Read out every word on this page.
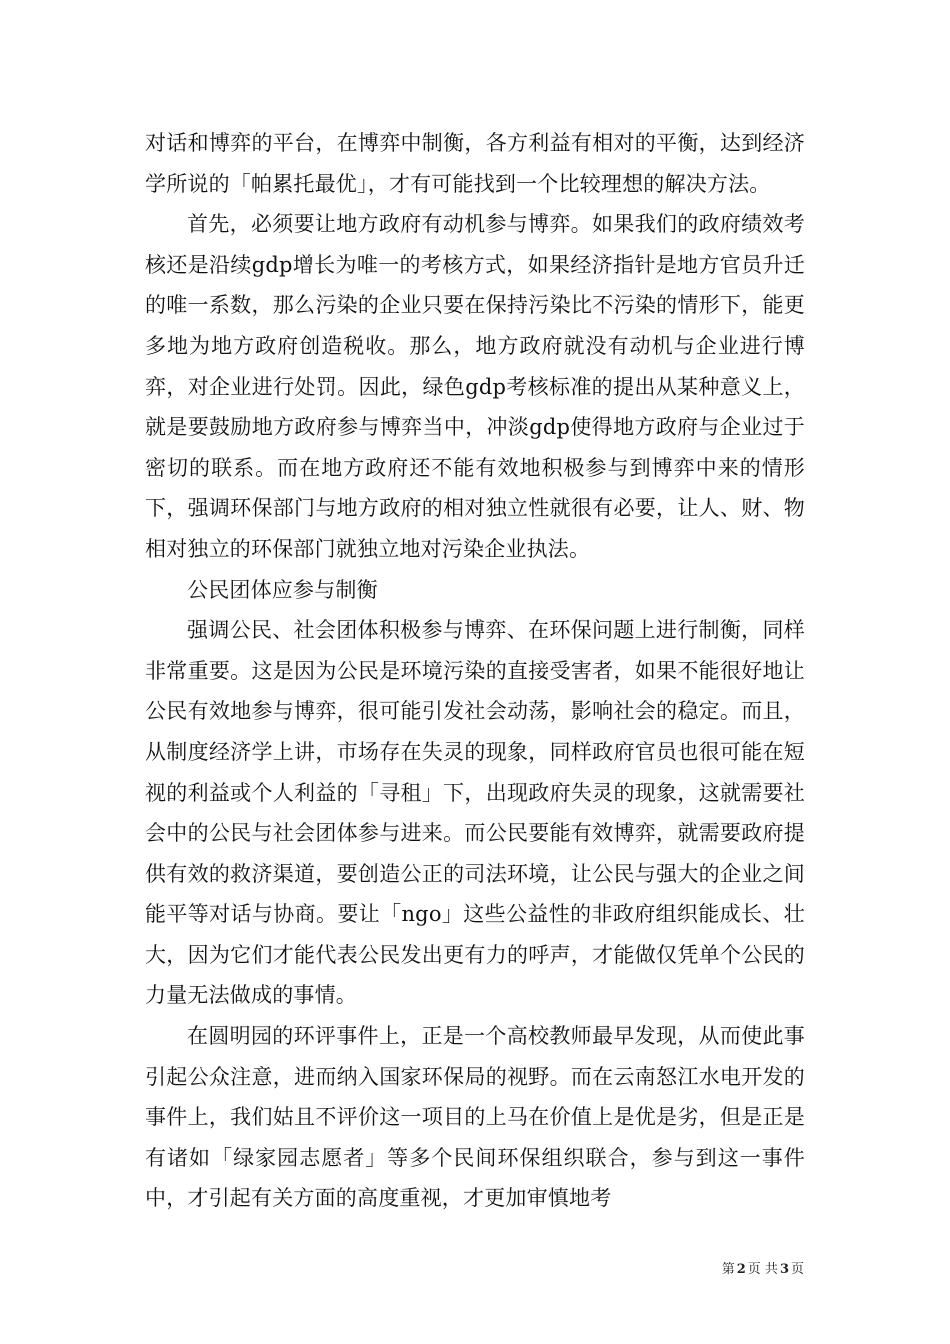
对话和博弈的平台，在博弈中制衡，各方利益有相对的平衡，达到经济学所说的「帕累托最优」，才有可能找到一个比较理想的解决方法。

首先，必须要让地方政府有动机参与博弈。如果我们的政府绩效考核还是沿续gdp增长为唯一的考核方式，如果经济指针是地方官员升迁的唯一系数，那么污染的企业只要在保持污染比不污染的情形下，能更多地为地方政府创造税收。那么，地方政府就没有动机与企业进行博弈，对企业进行处罚。因此，绿色gdp考核标准的提出从某种意义上，就是要鼓励地方政府参与博弈当中，冲淡gdp使得地方政府与企业过于密切的联系。而在地方政府还不能有效地积极参与到博弈中来的情形下，强调环保部门与地方政府的相对独立性就很有必要，让人、财、物相对独立的环保部门就独立地对污染企业执法。

公民团体应参与制衡

强调公民、社会团体积极参与博弈、在环保问题上进行制衡，同样非常重要。这是因为公民是环境污染的直接受害者，如果不能很好地让公民有效地参与博弈，很可能引发社会动荡，影响社会的稳定。而且，从制度经济学上讲，市场存在失灵的现象，同样政府官员也很可能在短视的利益或个人利益的「寻租」下，出现政府失灵的现象，这就需要社会中的公民与社会团体参与进来。而公民要能有效博弈，就需要政府提供有效的救济渠道，要创造公正的司法环境，让公民与强大的企业之间能平等对话与协商。要让「ngo」这些公益性的非政府组织能成长、壮大，因为它们才能代表公民发出更有力的呼声，才能做仅凭单个公民的力量无法做成的事情。

在圆明园的环评事件上，正是一个高校教师最早发现，从而使此事引起公众注意，进而纳入国家环保局的视野。而在云南怒江水电开发的事件上，我们姑且不评价这一项目的上马在价值上是优是劣，但是正是有诸如「绿家园志愿者」等多个民间环保组织联合，参与到这一事件中，才引起有关方面的高度重视，才更加审慎地考

第 2 页 共 3 页
